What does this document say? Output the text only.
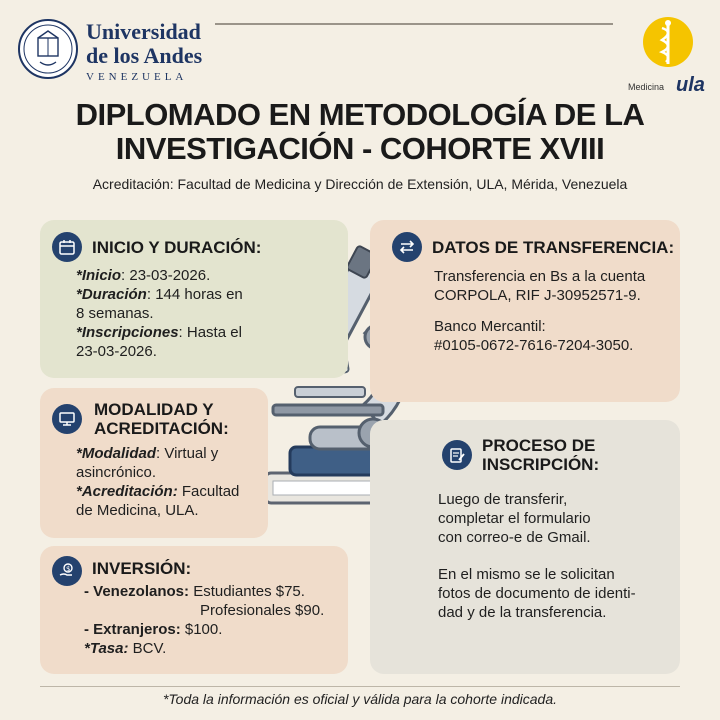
Universidad
de los Andes
VENEZUELA
Medicina ula
DIPLOMADO EN METODOLOGÍA DE LA
INVESTIGACIÓN - COHORTE XVIII
Acreditación: Facultad de Medicina y Dirección de Extensión, ULA, Mérida, Venezuela
INICIO Y DURACIÓN:
*Inicio: 23-03-2026.
*Duración: 144 horas en
8 semanas.
*Inscripciones: Hasta el
23-03-2026.
DATOS DE TRANSFERENCIA:
Transferencia en Bs a la cuenta
CORPOLA, RIF J-30952571-9.
Banco Mercantil:
#0105-0672-7616-7204-3050.
MODALIDAD Y
ACREDITACIÓN:
*Modalidad: Virtual y
asincrónico.
*Acreditación: Facultad
de Medicina, ULA.
PROCESO DE
INSCRIPCIÓN:
Luego de transferir,
completar el formulario
con correo-e de Gmail.
En el mismo se le solicitan
fotos de documento de identi-
dad y de la transferencia.
$ INVERSIÓN:
- Venezolanos: Estudiantes $75.
Profesionales $90.
- Extranjeros: $100.
*Tasa: BCV.
*Toda la información es oficial y válida para la cohorte indicada.
